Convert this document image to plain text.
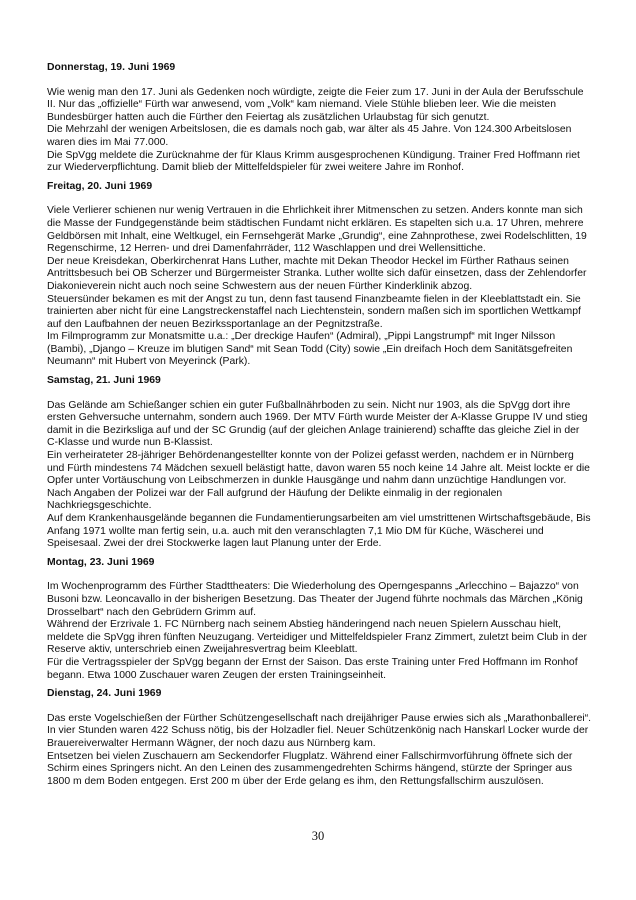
Donnerstag, 19. Juni 1969

Wie wenig man den 17. Juni als Gedenken noch würdigte, zeigte die Feier zum 17. Juni in der Aula der Berufsschule II. Nur das „offizielle“ Fürth war anwesend, vom „Volk“ kam niemand. Viele Stühle blieben leer. Wie die meisten Bundesbürger hatten auch die Fürther den Feiertag als zusätzlichen Urlaubstag für sich genutzt.

Die Mehrzahl der wenigen Arbeitslosen, die es damals noch gab, war älter als 45 Jahre. Von 124.300 Arbeitslosen waren dies im Mai 77.000.

Die SpVgg meldete die Zurücknahme der für Klaus Krimm ausgesprochenen Kündigung. Trainer Fred Hoffmann riet zur Wiederverpflichtung. Damit blieb der Mittelfeldspieler für zwei weitere Jahre im Ronhof.

Freitag, 20. Juni 1969

Viele Verlierer schienen nur wenig Vertrauen in die Ehrlichkeit ihrer Mitmenschen zu setzen. Anders konnte man sich die Masse der Fundgegenstände beim städtischen Fundamt nicht erklären. Es stapelten sich u.a. 17 Uhren, mehrere Geldbörsen mit Inhalt, eine Weltkugel, ein Fernsehgerät Marke „Grundig“, eine Zahnprothese, zwei Rodelschlitten, 19 Regenschirme, 12 Herren- und drei Damenfahrräder, 112 Waschlappen und drei Wellensittiche.

Der neue Kreisdekan, Oberkirchenrat Hans Luther, machte mit Dekan Theodor Heckel im Fürther Rathaus seinen Antrittsbesuch bei OB Scherzer und Bürgermeister Stranka. Luther wollte sich dafür einsetzen, dass der Zehlendorfer Diakonieverein nicht auch noch seine Schwestern aus der neuen Fürther Kinderklinik abzog.

Steuersünder bekamen es mit der Angst zu tun, denn fast tausend Finanzbeamte fielen in der Kleeblattstadt ein. Sie trainierten aber nicht für eine Langstreckenstaffel nach Liechtenstein, sondern maßen sich im sportlichen Wettkampf auf den Laufbahnen der neuen Bezirkssportanlage an der Pegnitzstraße.

Im Filmprogramm zur Monatsmitte u.a.: „Der dreckige Haufen“ (Admiral), „Pippi Langstrumpf“ mit Inger Nilsson (Bambi), „Django – Kreuze im blutigen Sand“ mit Sean Todd (City) sowie „Ein dreifach Hoch dem Sanitätsgefreiten Neumann“ mit Hubert von Meyerinck (Park).

Samstag, 21. Juni 1969

Das Gelände am Schießanger schien ein guter Fußballnährboden zu sein. Nicht nur 1903, als die SpVgg dort ihre ersten Gehversuche unternahm, sondern auch 1969. Der MTV Fürth wurde Meister der A-Klasse Gruppe IV und stieg damit in die Bezirksliga auf und der SC Grundig (auf der gleichen Anlage trainierend) schaffte das gleiche Ziel in der C-Klasse und wurde nun B-Klassist.

Ein verheirateter 28-jähriger Behördenangestellter konnte von der Polizei gefasst werden, nachdem er in Nürnberg und Fürth mindestens 74 Mädchen sexuell belästigt hatte, davon waren 55 noch keine 14 Jahre alt. Meist lockte er die Opfer unter Vortäuschung von Leibschmerzen in dunkle Hausgänge und nahm dann unzüchtige Handlungen vor. Nach Angaben der Polizei war der Fall aufgrund der Häufung der Delikte einmalig in der regionalen Nachkriegsgeschichte.

Auf dem Krankenhausgelände begannen die Fundamentierungsarbeiten am viel umstrittenen Wirtschaftsgebäude, Bis Anfang 1971 wollte man fertig sein, u.a. auch mit den veranschlagten 7,1 Mio DM für Küche, Wäscherei und Speisesaal. Zwei der drei Stockwerke lagen laut Planung unter der Erde.

Montag, 23. Juni 1969

Im Wochenprogramm des Fürther Stadttheaters: Die Wiederholung des Operngespanns „Arlecchino – Bajazzo“ von Busoni bzw. Leoncavallo in der bisherigen Besetzung. Das Theater der Jugend führte nochmals das Märchen „König Drosselbart“ nach den Gebrüdern Grimm auf.

Während der Erzrivale 1. FC Nürnberg nach seinem Abstieg händeringend nach neuen Spielern Ausschau hielt, meldete die SpVgg ihren fünften Neuzugang. Verteidiger und Mittelfeldspieler Franz Zimmert, zuletzt beim Club in der Reserve aktiv, unterschrieb einen Zweijahresvertrag beim Kleeblatt.

Für die Vertragsspieler der SpVgg begann der Ernst der Saison. Das erste Training unter Fred Hoffmann im Ronhof begann. Etwa 1000 Zuschauer waren Zeugen der ersten Trainingseinheit.

Dienstag, 24. Juni 1969

Das erste Vogelschießen der Fürther Schützengesellschaft nach dreijähriger Pause erwies sich als „Marathonballerei“. In vier Stunden waren 422 Schuss nötig, bis der Holzadler fiel. Neuer Schützenkönig nach Hanskarl Locker wurde der Brauereiverwalter Hermann Wägner, der noch dazu aus Nürnberg kam.

Entsetzen bei vielen Zuschauern am Seckendorfer Flugplatz. Während einer Fallschirmvorführung öffnete sich der Schirm eines Springers nicht. An den Leinen des zusammengedrehten Schirms hängend, stürzte der Springer aus 1800 m dem Boden entgegen. Erst 200 m über der Erde gelang es ihm, den Rettungsfallschirm auszulösen.

30
